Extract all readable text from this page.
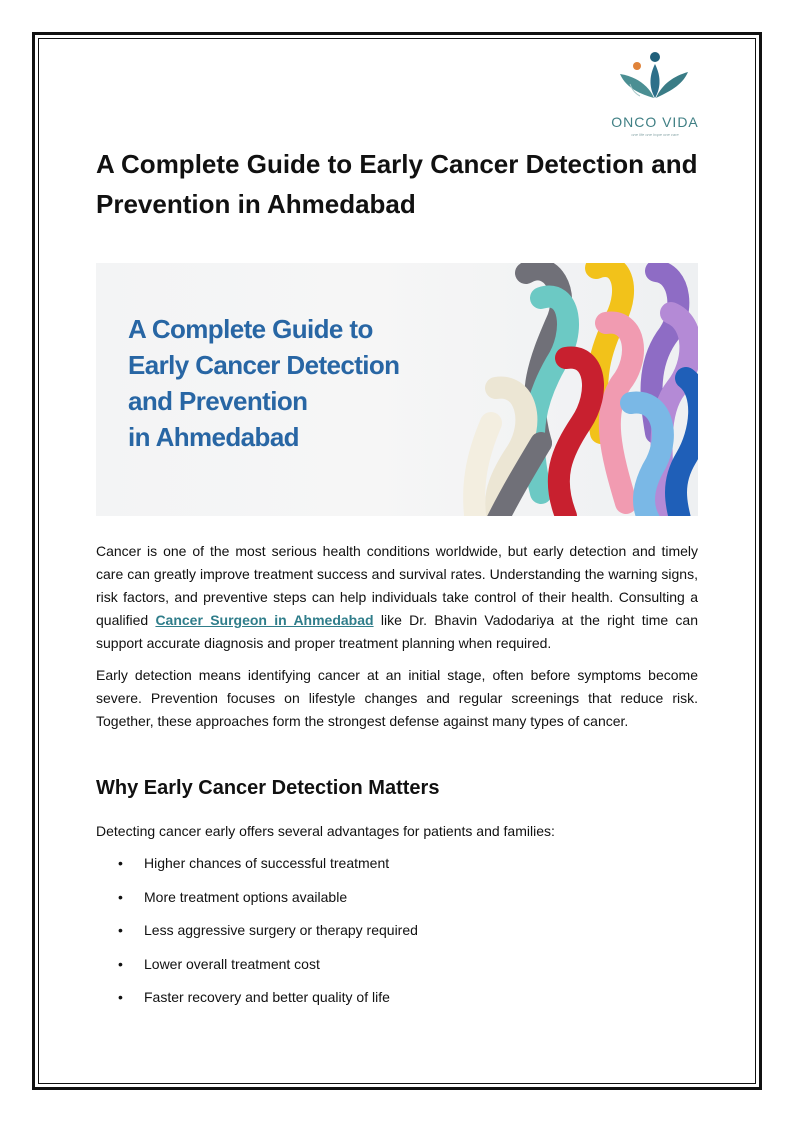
ONCO VIDA
one life one hope one care
A Complete Guide to Early Cancer Detection and Prevention in Ahmedabad
A Complete Guide to
Early Cancer Detection
and Prevention
in Ahmedabad

Cancer is one of the most serious health conditions worldwide, but early detection and timely care can greatly improve treatment success and survival rates. Understanding the warning signs, risk factors, and preventive steps can help individuals take control of their health. Consulting a qualified Cancer Surgeon in Ahmedabad like Dr. Bhavin Vadodariya at the right time can support accurate diagnosis and proper treatment planning when required.

Early detection means identifying cancer at an initial stage, often before symptoms become severe. Prevention focuses on lifestyle changes and regular screenings that reduce risk. Together, these approaches form the strongest defense against many types of cancer.

Why Early Cancer Detection Matters

Detecting cancer early offers several advantages for patients and families:

• Higher chances of successful treatment
• More treatment options available
• Less aggressive surgery or therapy required
• Lower overall treatment cost
• Faster recovery and better quality of life
